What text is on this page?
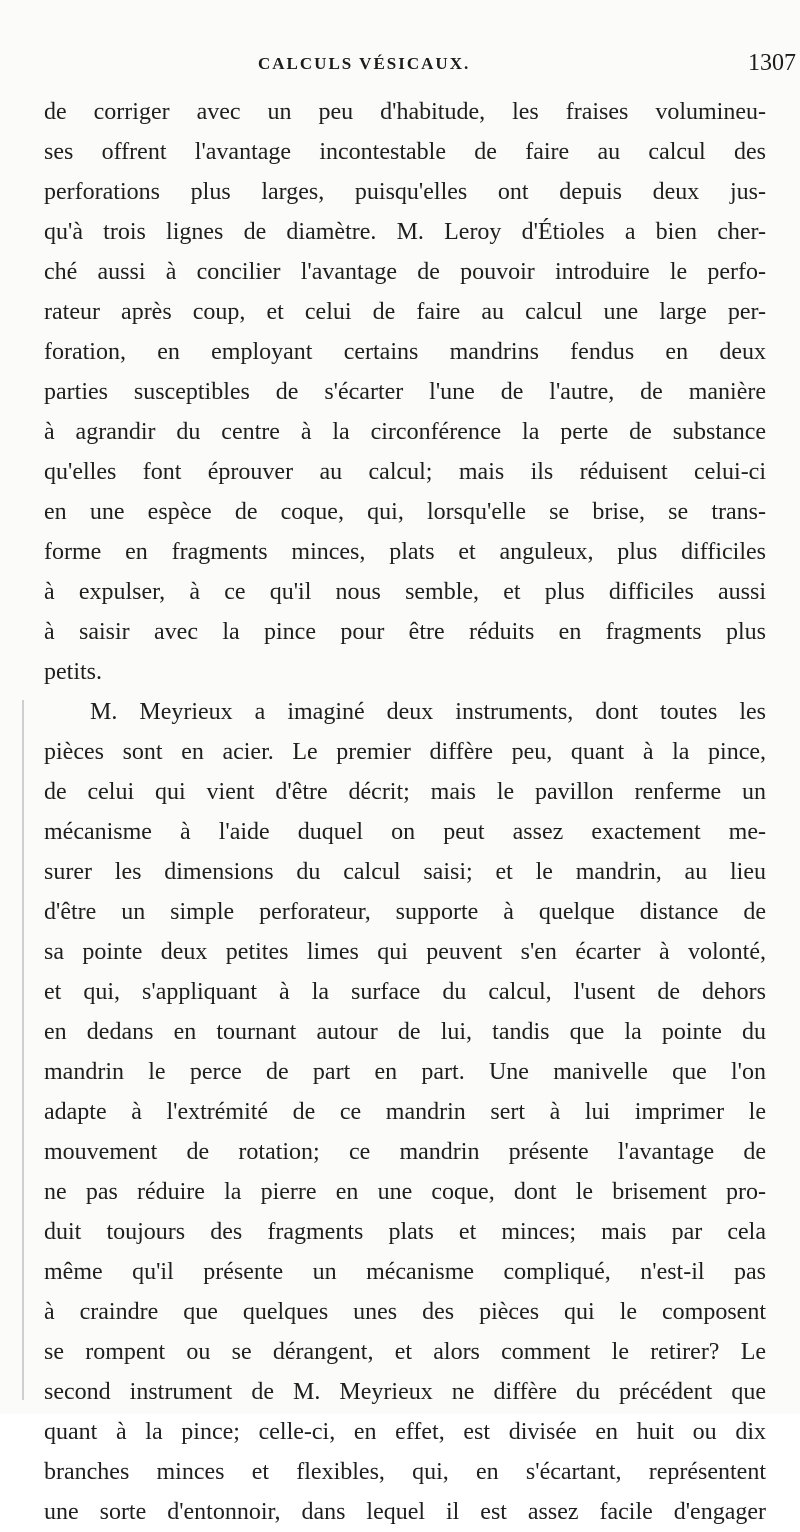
CALCULS VÉSICAUX.	1307
de corriger avec un peu d'habitude, les fraises volumineu-
ses offrent l'avantage incontestable de faire au calcul des
perforations plus larges, puisqu'elles ont depuis deux jus-
qu'à trois lignes de diamètre. M. Leroy d'Étioles a bien cher-
ché aussi à concilier l'avantage de pouvoir introduire le perfo-
rateur après coup, et celui de faire au calcul une large per-
foration, en employant certains mandrins fendus en deux
parties susceptibles de s'écarter l'une de l'autre, de manière
à agrandir du centre à la circonférence la perte de substance
qu'elles font éprouver au calcul; mais ils réduisent celui-ci
en une espèce de coque, qui, lorsqu'elle se brise, se trans-
forme en fragments minces, plats et anguleux, plus difficiles
à expulser, à ce qu'il nous semble, et plus difficiles aussi
à saisir avec la pince pour être réduits en fragments plus
petits.
M. Meyrieux a imaginé deux instruments, dont toutes les
pièces sont en acier. Le premier diffère peu, quant à la pince,
de celui qui vient d'être décrit; mais le pavillon renferme un
mécanisme à l'aide duquel on peut assez exactement me-
surer les dimensions du calcul saisi; et le mandrin, au lieu
d'être un simple perforateur, supporte à quelque distance de
sa pointe deux petites limes qui peuvent s'en écarter à volonté,
et qui, s'appliquant à la surface du calcul, l'usent de dehors
en dedans en tournant autour de lui, tandis que la pointe du
mandrin le perce de part en part. Une manivelle que l'on
adapte à l'extrémité de ce mandrin sert à lui imprimer le
mouvement de rotation; ce mandrin présente l'avantage de
ne pas réduire la pierre en une coque, dont le brisement pro-
duit toujours des fragments plats et minces; mais par cela
même qu'il présente un mécanisme compliqué, n'est-il pas
à craindre que quelques unes des pièces qui le composent
se rompent ou se dérangent, et alors comment le retirer? Le
second instrument de M. Meyrieux ne diffère du précédent que
quant à la pince; celle-ci, en effet, est divisée en huit ou dix
branches minces et flexibles, qui, en s'écartant, représentent
une sorte d'entonnoir, dans lequel il est assez facile d'engager
